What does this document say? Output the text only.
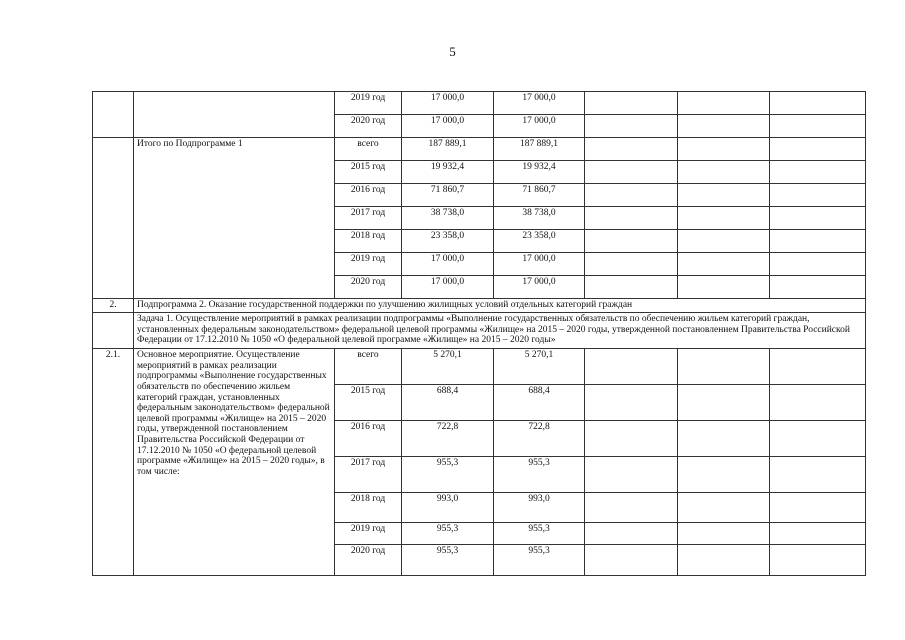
5
		2019 год	17 000,0	17 000,0			
		2020 год	17 000,0	17 000,0			
	Итого по Подпрограмме 1	всего	187 889,1	187 889,1			
		2015 год	19 932,4	19 932,4			
		2016 год	71 860,7	71 860,7			
		2017 год	38 738,0	38 738,0			
		2018 год	23 358,0	23 358,0			
		2019 год	17 000,0	17 000,0			
		2020 год	17 000,0	17 000,0			
2.	Подпрограмма 2. Оказание государственной поддержки по улучшению жилищных условий отдельных категорий граждан						
	Задача 1. Осуществление мероприятий в рамках реализации подпрограммы «Выполнение государственных обязательств по обеспечению жильем категорий граждан, установленных федеральным законодательством» федеральной целевой программы «Жилище» на 2015 – 2020 годы, утвержденной постановлением Правительства Российской Федерации от 17.12.2010 № 1050 «О федеральной целевой программе «Жилище» на 2015 – 2020 годы»						
2.1.	Основное мероприятие. Осуществление мероприятий в рамках реализации подпрограммы «Выполнение государственных обязательств по обеспечению жильем категорий граждан, установленных федеральным законодательством» федеральной целевой программы «Жилище» на 2015 – 2020 годы, утвержденной постановлением Правительства Российской Федерации от 17.12.2010 № 1050 «О федеральной целевой программе «Жилище» на 2015 – 2020 годы», в том числе:	всего	5 270,1	5 270,1			
		2015 год	688,4	688,4			
		2016 год	722,8	722,8			
		2017 год	955,3	955,3			
		2018 год	993,0	993,0			
		2019 год	955,3	955,3			
		2020 год	955,3	955,3			
